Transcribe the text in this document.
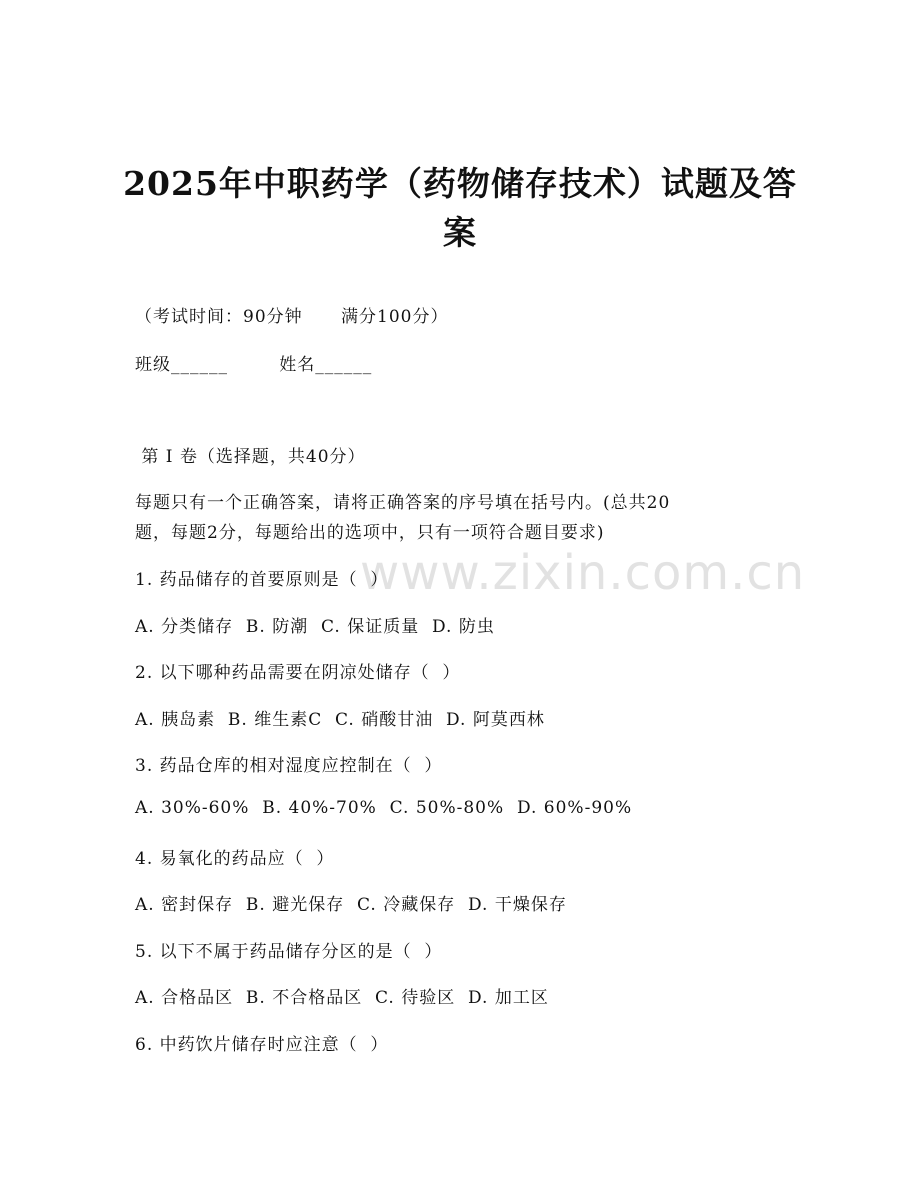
www.zixin.com.cn
2025年中职药学（药物储存技术）试题及答
案
（考试时间：90分钟      满分100分）
班级______        姓名______
第 I 卷（选择题，共40分）
每题只有一个正确答案，请将正确答案的序号填在括号内。(总共20
题，每题2分，每题给出的选项中，只有一项符合题目要求)
1. 药品储存的首要原则是（  ）
A. 分类储存  B. 防潮  C. 保证质量  D. 防虫
2. 以下哪种药品需要在阴凉处储存（  ）
A. 胰岛素  B. 维生素C  C. 硝酸甘油  D. 阿莫西林
3. 药品仓库的相对湿度应控制在（  ）
A. 30%-60%  B. 40%-70%  C. 50%-80%  D. 60%-90%
4. 易氧化的药品应（  ）
A. 密封保存  B. 避光保存  C. 冷藏保存  D. 干燥保存
5. 以下不属于药品储存分区的是（  ）
A. 合格品区  B. 不合格品区  C. 待验区  D. 加工区
6. 中药饮片储存时应注意（  ）
